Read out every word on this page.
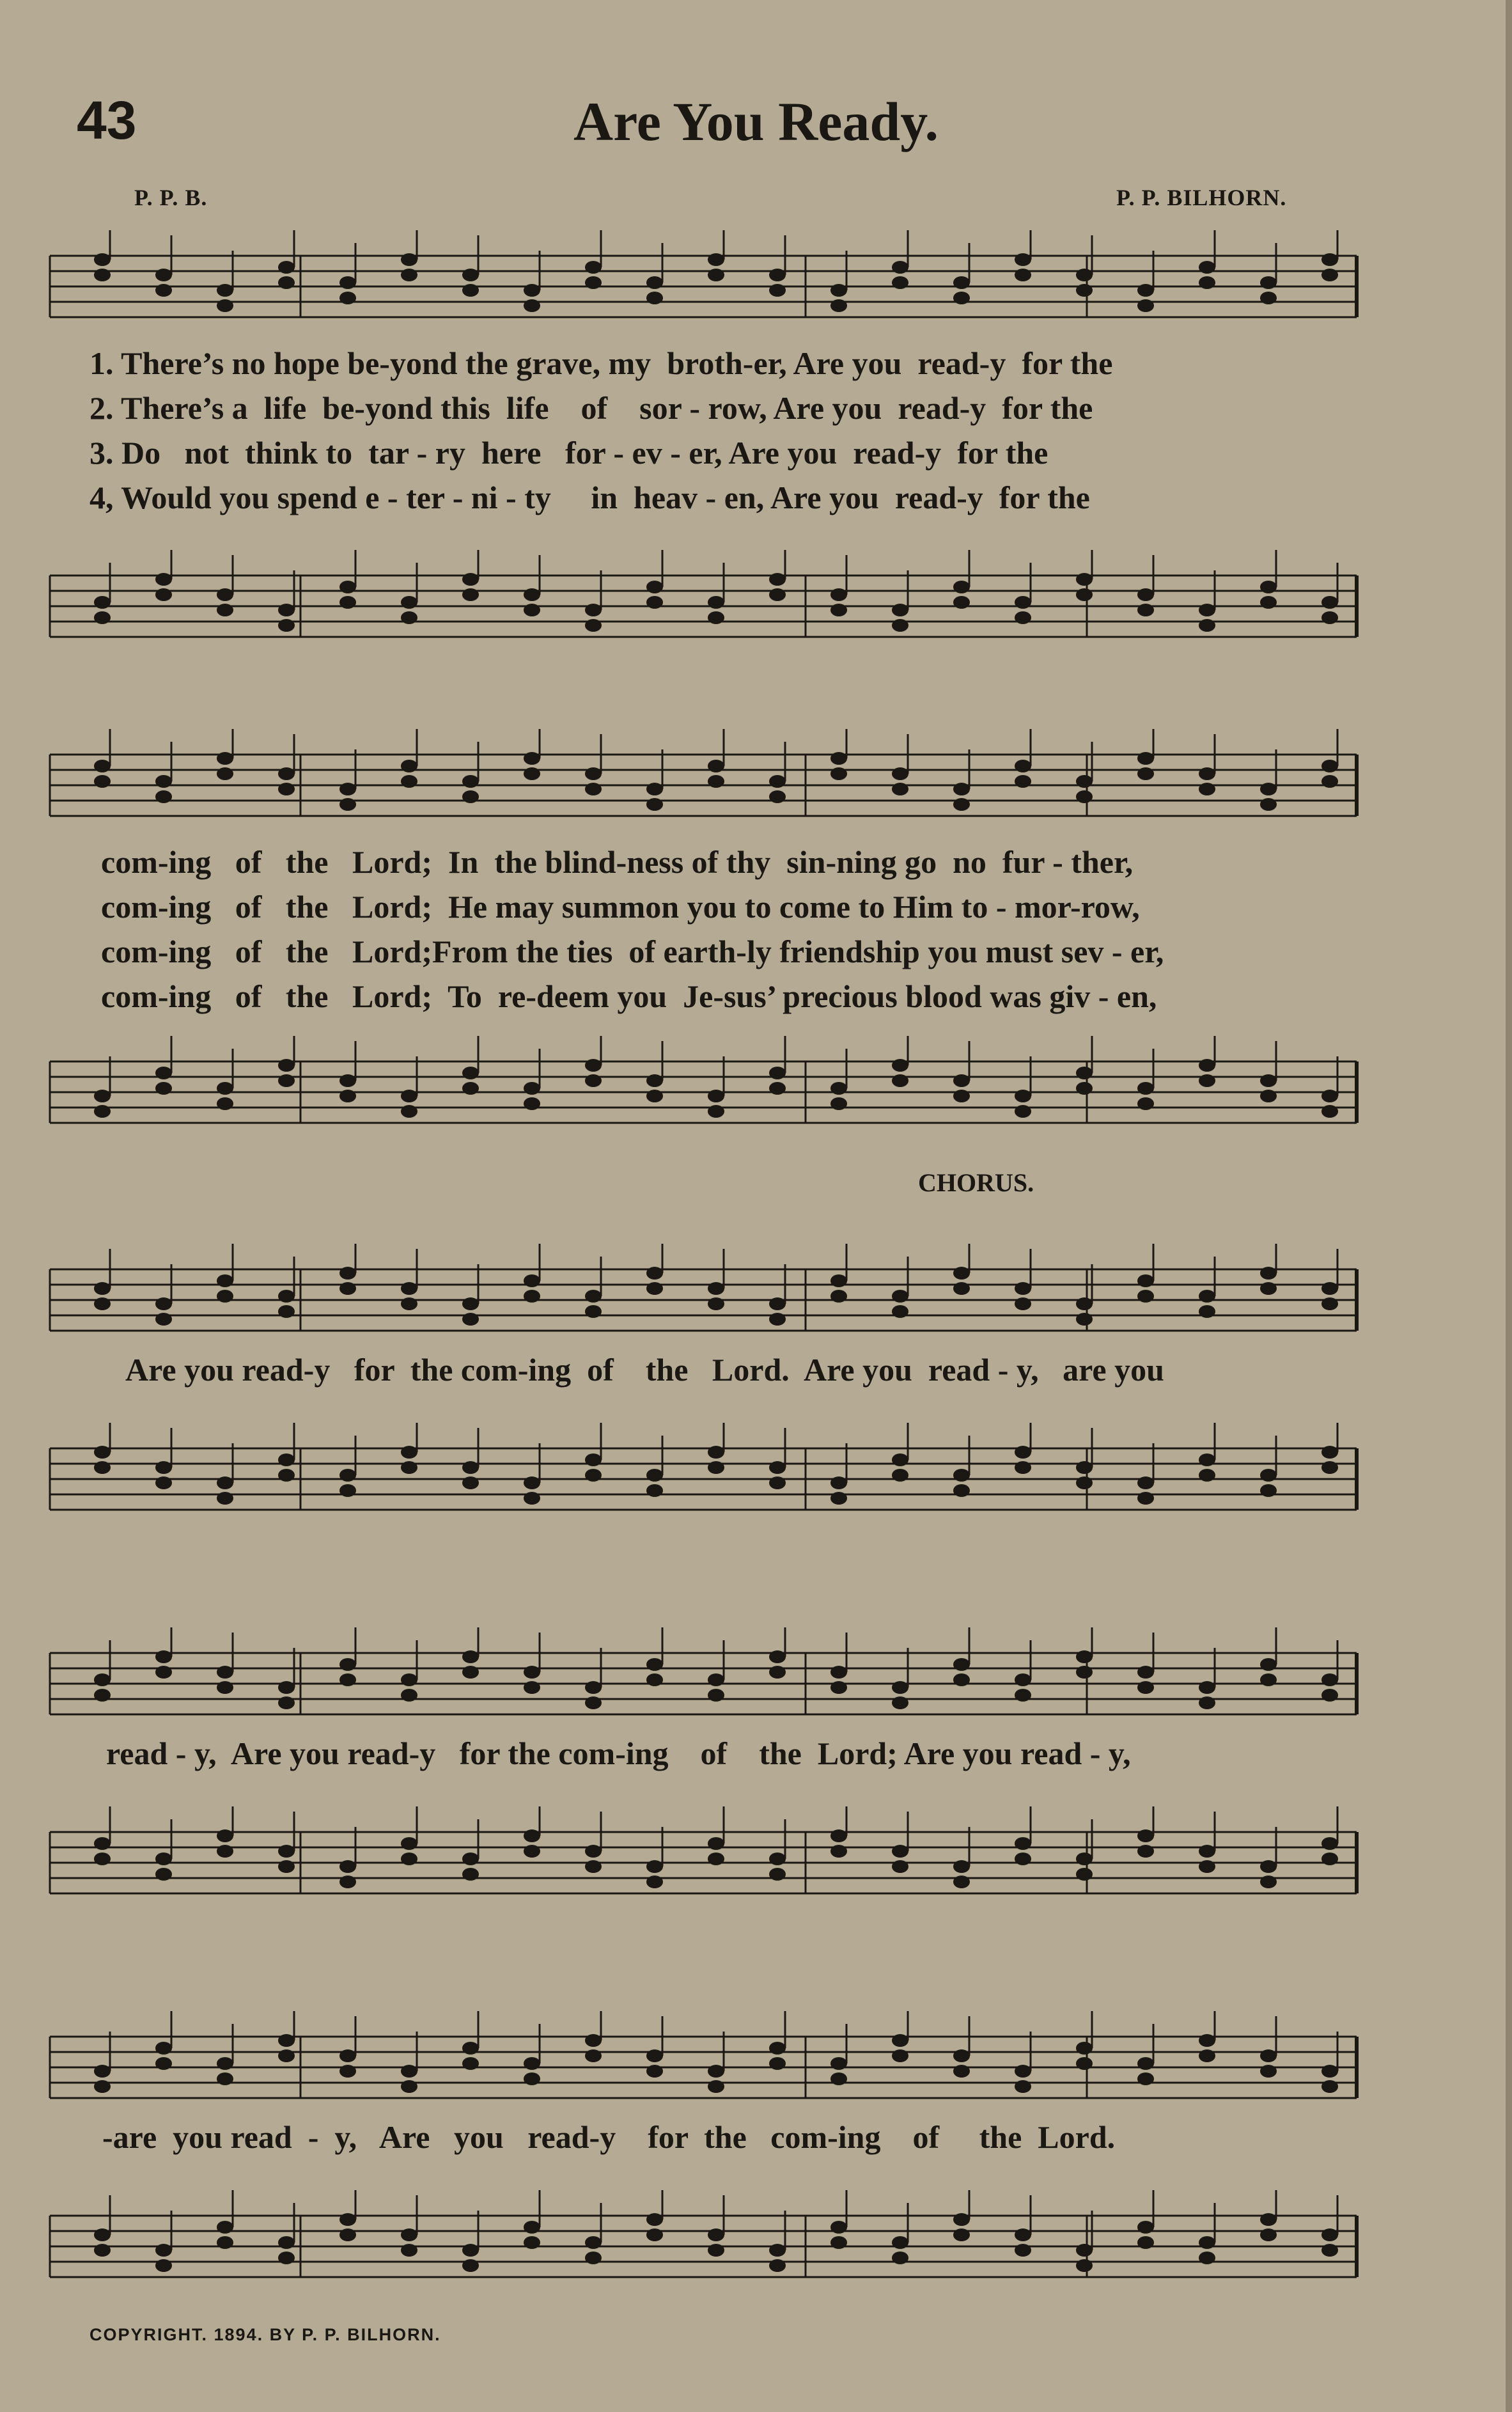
43	Are You Ready.
P. P. B.	P. P. BILHORN.
CHORUS.
1. There’s no hope be-yond the grave, my  broth-er, Are you  read-y  for the
2. There’s a  life  be-yond this  life    of    sor - row, Are you  read-y  for the
3. Do   not  think to  tar - ry  here   for - ev - er, Are you  read-y  for the
4, Would you spend e - ter - ni - ty     in  heav - en, Are you  read-y  for the
com-ing   of   the   Lord;  In  the blind-ness of thy  sin-ning go  no  fur - ther,
com-ing   of   the   Lord;  He may summon you to come to Him to - mor-row,
com-ing   of   the   Lord;From the ties  of earth-ly friendship you must sev - er,
com-ing   of   the   Lord;  To  re-deem you  Je-sus’ precious blood was giv - en,
Are you read-y   for  the com-ing  of    the   Lord.  Are you  read - y,   are you
read - y,  Are you read-y   for the com-ing    of    the  Lord; Are you read - y,
-are  you read  -  y,   Are   you   read-y    for  the   com-ing    of     the  Lord.
COPYRIGHT. 1894. BY P. P. BILHORN.
